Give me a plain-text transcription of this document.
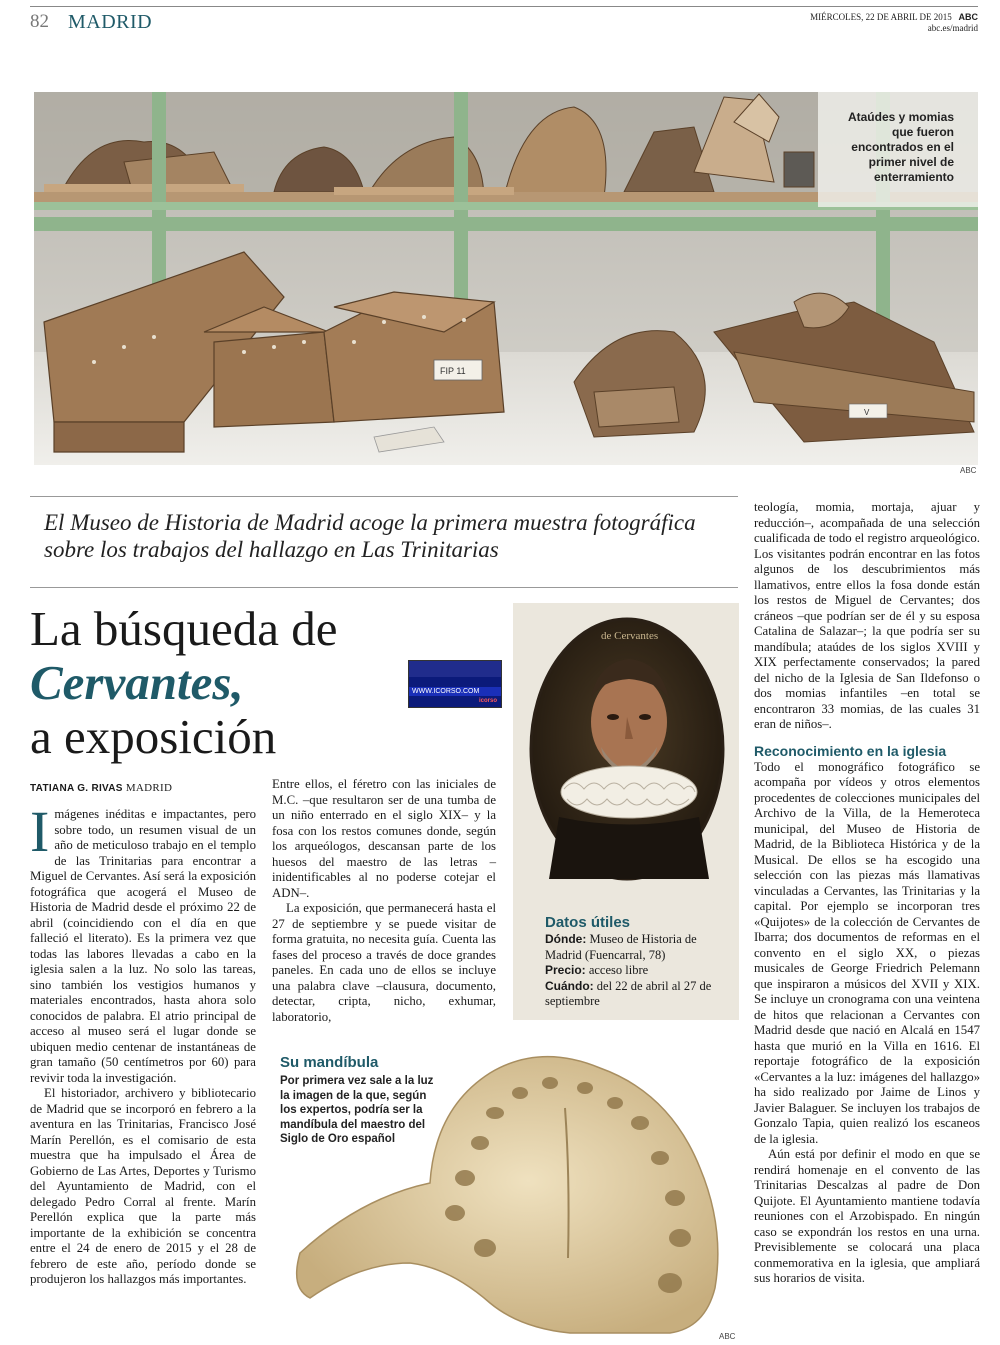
82 MADRID	MIÉRCOLES, 22 DE ABRIL DE 2015 ABC
abc.es/madrid
FIP 11
V
Ataúdes y momias que fueron encontrados en el primer nivel de enterramiento
ABC
El Museo de Historia de Madrid acoge la primera muestra fotográfica sobre los trabajos del hallazgo en Las Trinitarias
La búsqueda de
Cervantes,
a exposición
WWW.ICORSO.COM
icorso
TATIANA G. RIVAS MADRID

Imágenes inéditas e impactantes, pero sobre todo, un resumen visual de un año de meticuloso trabajo en el templo de las Trinitarias para encontrar a Miguel de Cervantes. Así será la exposición fotográfica que acogerá el Museo de Historia de Madrid desde el próximo 22 de abril (coincidiendo con el día en que falleció el literato). Es la primera vez que todas las labores llevadas a cabo en la iglesia salen a la luz. No solo las tareas, sino también los vestigios humanos y materiales encontrados, hasta ahora solo conocidos de palabra. El atrio principal de acceso al museo será el lugar donde se ubiquen medio centenar de instantáneas de gran tamaño (50 centímetros por 60) para revivir toda la investigación.

El historiador, archivero y bibliotecario de Madrid que se incorporó en febrero a la aventura en las Trinitarias, Francisco José Marín Perellón, es el comisario de esta muestra que ha impulsado el Área de Gobierno de Las Artes, Deportes y Turismo del Ayuntamiento de Madrid, con el delegado Pedro Corral al frente. Marín Perellón explica que la parte más importante de la exhibición se concentra entre el 24 de enero de 2015 y el 28 de febrero de este año, período donde se produjeron los hallazgos más importantes.

Entre ellos, el féretro con las iniciales de M.C. –que resultaron ser de una tumba de un niño enterrado en el siglo XIX– y la fosa con los restos comunes donde, según los arqueólogos, descansan parte de los huesos del maestro de las letras –inidentificables al no poderse cotejar el ADN–.

La exposición, que permanecerá hasta el 27 de septiembre y se puede visitar de forma gratuita, no necesita guía. Cuenta las fases del proceso a través de doce grandes paneles. En cada uno de ellos se incluye una palabra clave –clausura, documento, detectar, cripta, nicho, exhumar, laboratorio,

teología, momia, mortaja, ajuar y reducción–, acompañada de una selección cualificada de todo el registro arqueológico. Los visitantes podrán encontrar en las fotos algunos de los descubrimientos más llamativos, entre ellos la fosa donde están los restos de Miguel de Cervantes; dos cráneos –que podrían ser de él y su esposa Catalina de Salazar–; la que podría ser su mandíbula; ataúdes de los siglos XVIII y XIX perfectamente conservados; la pared del nicho de la Iglesia de San Ildefonso o dos momias infantiles –en total se encontraron 33 momias, de las cuales 31 eran de niños–.

Reconocimiento en la iglesia

Todo el monográfico fotográfico se acompaña por vídeos y otros elementos procedentes de colecciones municipales del Archivo de la Villa, de la Hemeroteca municipal, del Museo de Historia de Madrid, de la Biblioteca Histórica y de la Musical. De ellos se ha escogido una selección con las piezas más llamativas vinculadas a Cervantes, las Trinitarias y la capital. Por ejemplo se incorporan tres «Quijotes» de la colección de Cervantes de Ibarra; dos documentos de reformas en el convento en el siglo XX, o piezas musicales de George Friedrich Pelemann que inspiraron a músicos del XVII y XIX. Se incluye un cronograma con una veintena de hitos que relacionan a Cervantes con Madrid desde que nació en Alcalá en 1547 hasta que murió en la Villa en 1616. El reportaje fotográfico de la exposición «Cervantes a la luz: imágenes del hallazgo» ha sido realizado por Jaime de Linos y Javier Balaguer. Se incluyen los trabajos de Gonzalo Tapia, quien realizó los escaneos de la iglesia.

Aún está por definir el modo en que se rendirá homenaje en el convento de las Trinitarias Descalzas al padre de Don Quijote. El Ayuntamiento mantiene todavía reuniones con el Arzobispado. En ningún caso se expondrán los restos en una urna. Previsiblemente se colocará una placa conmemorativa en la iglesia, que ampliará sus horarios de visita.

de Cervantes
Datos útiles
Dónde: Museo de Historia de Madrid (Fuencarral, 78)
Precio: acceso libre
Cuándo: del 22 de abril al 27 de septiembre
Su mandíbula
Por primera vez sale a la luz la imagen de la que, según los expertos, podría ser la mandíbula del maestro del Siglo de Oro español
ABC
